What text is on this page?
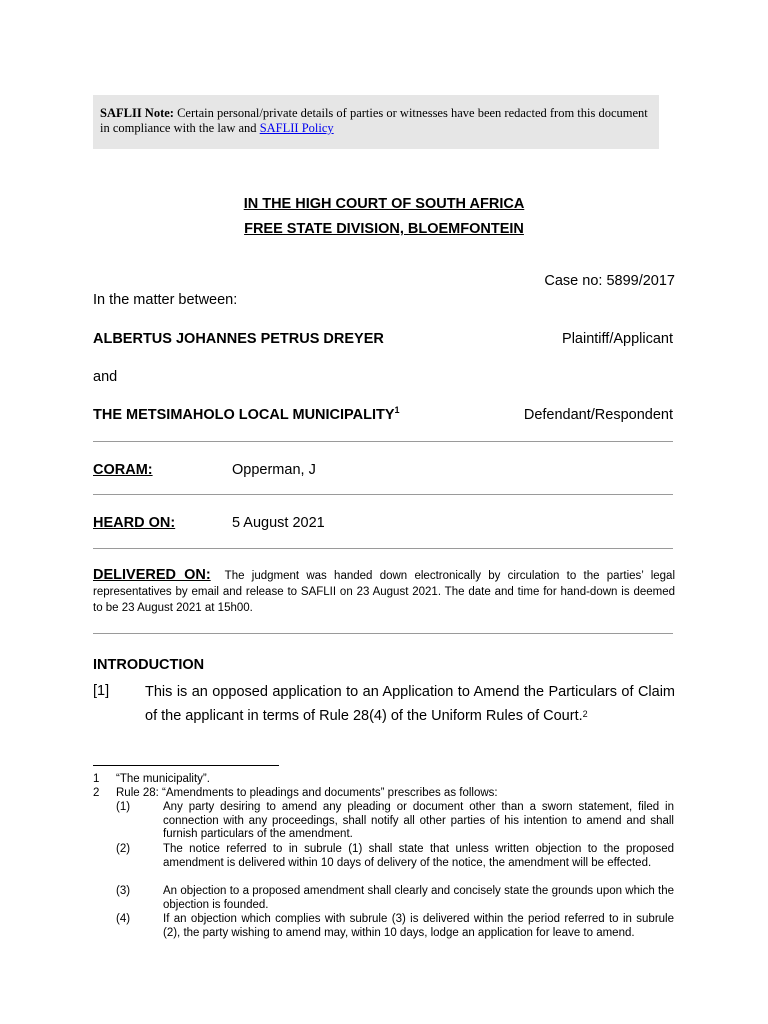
SAFLII Note: Certain personal/private details of parties or witnesses have been redacted from this document in compliance with the law and SAFLII Policy
IN THE HIGH COURT OF SOUTH AFRICA
FREE STATE DIVISION, BLOEMFONTEIN
Case no: 5899/2017
In the matter between:
ALBERTUS JOHANNES PETRUS DREYER	Plaintiff/Applicant
and
THE METSIMAHOLO LOCAL MUNICIPALITY$^1$	Defendant/Respondent
CORAM:	Opperman, J
HEARD ON:	5 August 2021
DELIVERED ON: The judgment was handed down electronically by circulation to the parties’ legal representatives by email and release to SAFLII on 23 August 2021. The date and time for hand-down is deemed to be 23 August 2021 at 15h00.
INTRODUCTION
[1] This is an opposed application to an Application to Amend the Particulars of Claim of the applicant in terms of Rule 28(4) of the Uniform Rules of Court.$^2$
1 “The municipality”.
2 Rule 28: “Amendments to pleadings and documents” prescribes as follows:
(1)	Any party desiring to amend any pleading or document other than a sworn statement, filed in connection with any proceedings, shall notify all other parties of his intention to amend and shall furnish particulars of the amendment.
(2)	The notice referred to in subrule (1) shall state that unless written objection to the proposed amendment is delivered within 10 days of delivery of the notice, the amendment will be effected.
(3)	An objection to a proposed amendment shall clearly and concisely state the grounds upon which the objection is founded.
(4)	If an objection which complies with subrule (3) is delivered within the period referred to in subrule (2), the party wishing to amend may, within 10 days, lodge an application for leave to amend.
